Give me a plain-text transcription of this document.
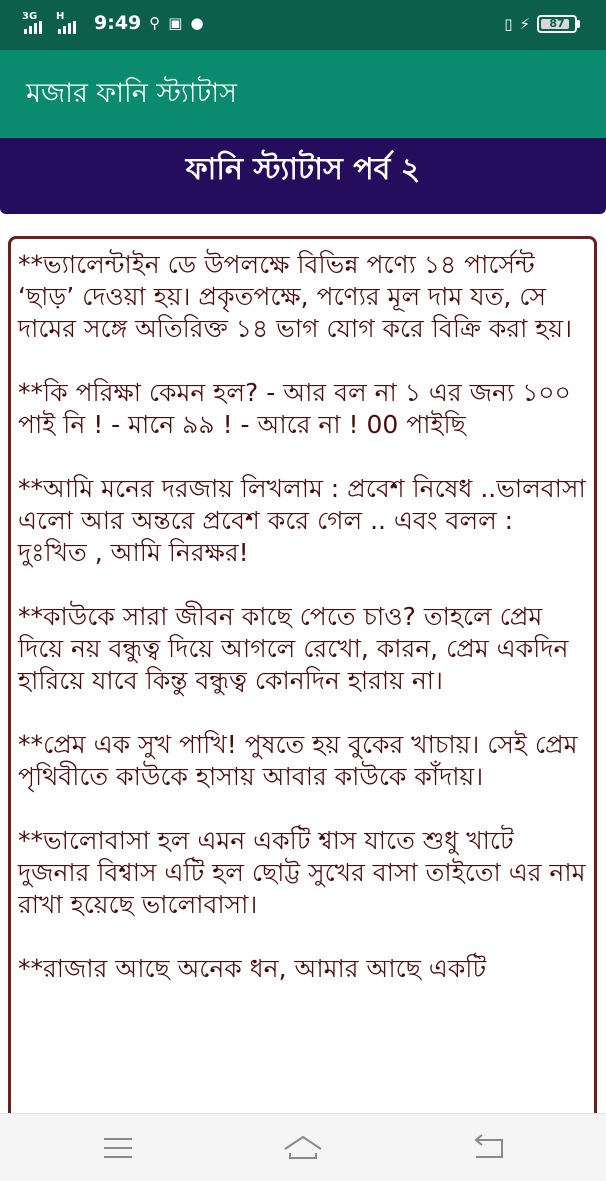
3G H 9:49 ⚲ ▣ ●	▯ ⚡	87
মজার ফানি স্ট্যাটাস
ফানি স্ট্যাটাস পর্ব ২

**ভ্যালেন্টাইন ডে উপলক্ষে বিভিন্ন পণ্যে ১৪ পার্সেন্ট ‘ছাড়’ দেওয়া হয়। প্রকৃতপক্ষে, পণ্যের মূল দাম যত, সে দামের সঙ্গে অতিরিক্ত ১৪ ভাগ যোগ করে বিক্রি করা হয়।

**কি পরিক্ষা কেমন হল? - আর বল না ১ এর জন্য ১০০ পাই নি ! - মানে ৯৯ ! - আরে না ! 00 পাইছি

**আমি মনের দরজায় লিখলাম : প্রবেশ নিষেধ ..ভালবাসা এলো আর অন্তরে প্রবেশ করে গেল .. এবং বলল : দুঃখিত , আমি নিরক্ষর!

**কাউকে সারা জীবন কাছে পেতে চাও? তাহলে প্রেম দিয়ে নয় বন্ধুত্ব দিয়ে আগলে রেখো, কারন, প্রেম একদিন হারিয়ে যাবে কিন্তু বন্ধুত্ব কোনদিন হারায় না।

**প্রেম এক সুখ পাখি! পুষতে হয় বুকের খাচায়। সেই প্রেম পৃথিবীতে কাউকে হাসায় আবার কাউকে কাঁদায়।

**ভালোবাসা হল এমন একটি শ্বাস যাতে শুধু খাটে দুজনার বিশ্বাস এটি হল ছোট্ট সুখের বাসা তাইতো এর নাম রাখা হয়েছে ভালোবাসা।

**রাজার আছে অনেক ধন, আমার আছে একটি
